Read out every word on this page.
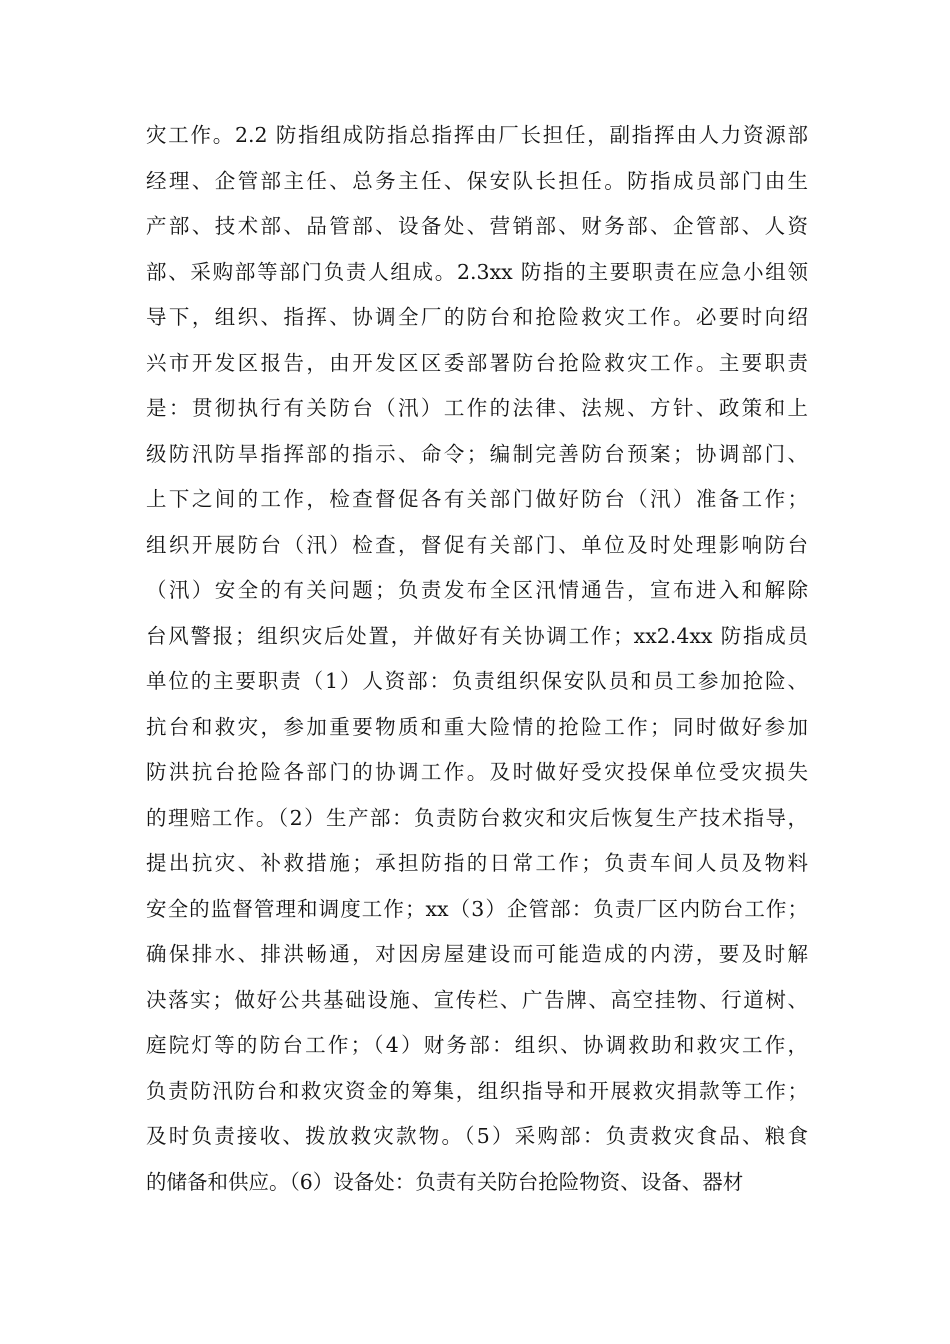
灾工作。2.2 防指组成防指总指挥由厂长担任，副指挥由人力资源部
经理、企管部主任、总务主任、保安队长担任。防指成员部门由生
产部、技术部、品管部、设备处、营销部、财务部、企管部、人资
部、采购部等部门负责人组成。2.3xx 防指的主要职责在应急小组领
导下，组织、指挥、协调全厂的防台和抢险救灾工作。必要时向绍
兴市开发区报告，由开发区区委部署防台抢险救灾工作。主要职责
是：贯彻执行有关防台（汛）工作的法律、法规、方针、政策和上
级防汛防旱指挥部的指示、命令；编制完善防台预案；协调部门、
上下之间的工作，检查督促各有关部门做好防台（汛）准备工作；
组织开展防台（汛）检查，督促有关部门、单位及时处理影响防台
（汛）安全的有关问题；负责发布全区汛情通告，宣布进入和解除
台风警报；组织灾后处置，并做好有关协调工作；xx2.4xx 防指成员
单位的主要职责（1）人资部：负责组织保安队员和员工参加抢险、
抗台和救灾，参加重要物质和重大险情的抢险工作；同时做好参加
防洪抗台抢险各部门的协调工作。及时做好受灾投保单位受灾损失
的理赔工作。（2）生产部：负责防台救灾和灾后恢复生产技术指导，
提出抗灾、补救措施；承担防指的日常工作；负责车间人员及物料
安全的监督管理和调度工作；xx（3）企管部：负责厂区内防台工作；
确保排水、排洪畅通，对因房屋建设而可能造成的内涝，要及时解
决落实；做好公共基础设施、宣传栏、广告牌、高空挂物、行道树、
庭院灯等的防台工作；（4）财务部：组织、协调救助和救灾工作，
负责防汛防台和救灾资金的筹集，组织指导和开展救灾捐款等工作；
及时负责接收、拨放救灾款物。（5）采购部：负责救灾食品、粮食
的储备和供应。（6）设备处：负责有关防台抢险物资、设备、器材
